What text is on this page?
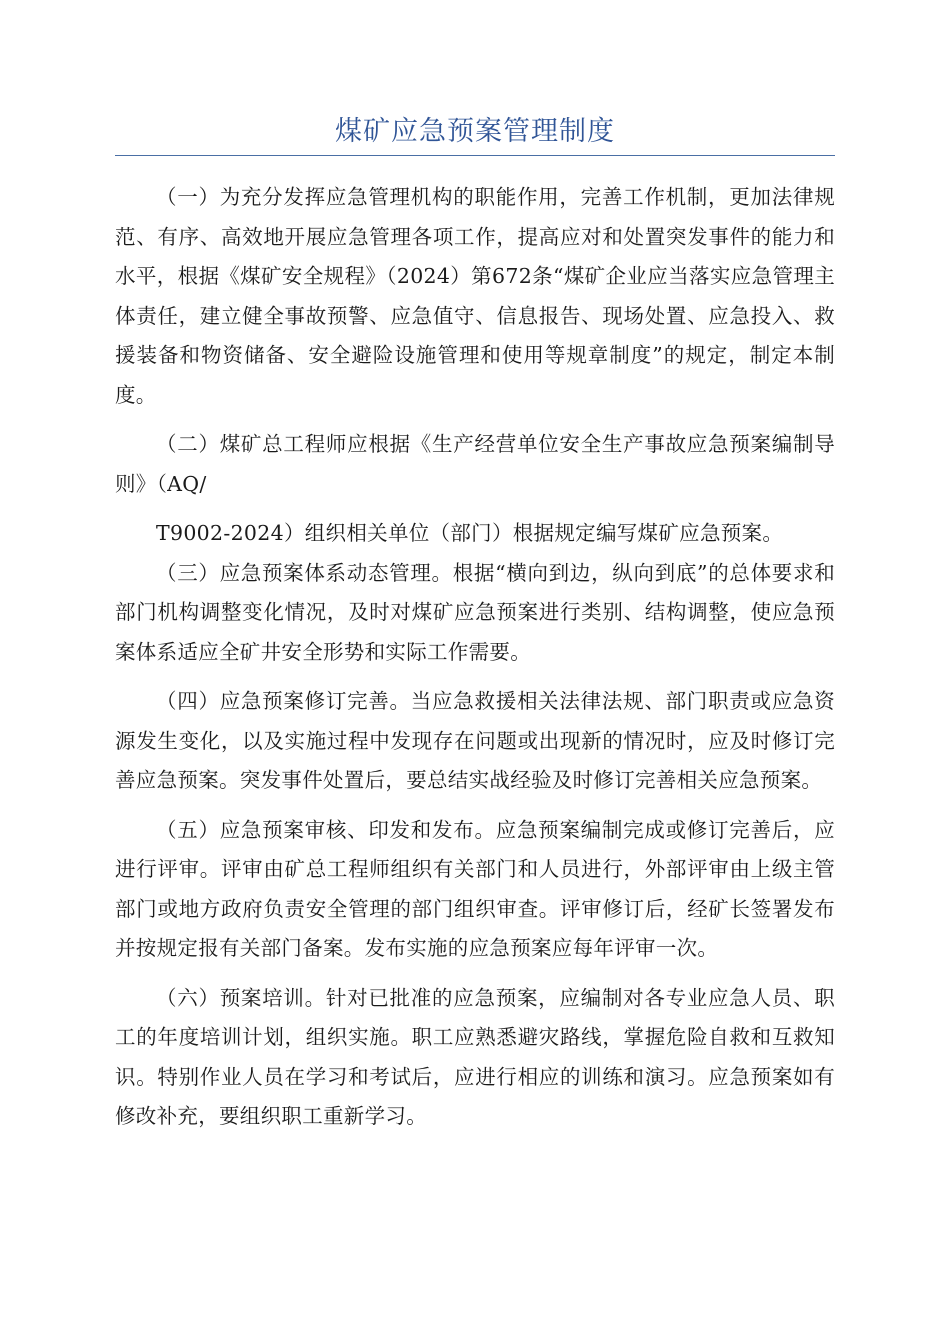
煤矿应急预案管理制度

（一）为充分发挥应急管理机构的职能作用，完善工作机制，更加法律规范、有序、高效地开展应急管理各项工作，提高应对和处置突发事件的能力和水平，根据《煤矿安全规程》（2024）第672条“煤矿企业应当落实应急管理主体责任，建立健全事故预警、应急值守、信息报告、现场处置、应急投入、救援装备和物资储备、安全避险设施管理和使用等规章制度”的规定，制定本制度。

（二）煤矿总工程师应根据《生产经营单位安全生产事故应急预案编制导则》（AQ/

T9002-2024）组织相关单位（部门）根据规定编写煤矿应急预案。

（三）应急预案体系动态管理。根据“横向到边，纵向到底”的总体要求和部门机构调整变化情况，及时对煤矿应急预案进行类别、结构调整，使应急预案体系适应全矿井安全形势和实际工作需要。

（四）应急预案修订完善。当应急救援相关法律法规、部门职责或应急资源发生变化，以及实施过程中发现存在问题或出现新的情况时，应及时修订完善应急预案。突发事件处置后，要总结实战经验及时修订完善相关应急预案。

（五）应急预案审核、印发和发布。应急预案编制完成或修订完善后，应进行评审。评审由矿总工程师组织有关部门和人员进行，外部评审由上级主管部门或地方政府负责安全管理的部门组织审查。评审修订后，经矿长签署发布并按规定报有关部门备案。发布实施的应急预案应每年评审一次。

（六）预案培训。针对已批准的应急预案，应编制对各专业应急人员、职工的年度培训计划，组织实施。职工应熟悉避灾路线，掌握危险自救和互救知识。特别作业人员在学习和考试后，应进行相应的训练和演习。应急预案如有修改补充，要组织职工重新学习。
